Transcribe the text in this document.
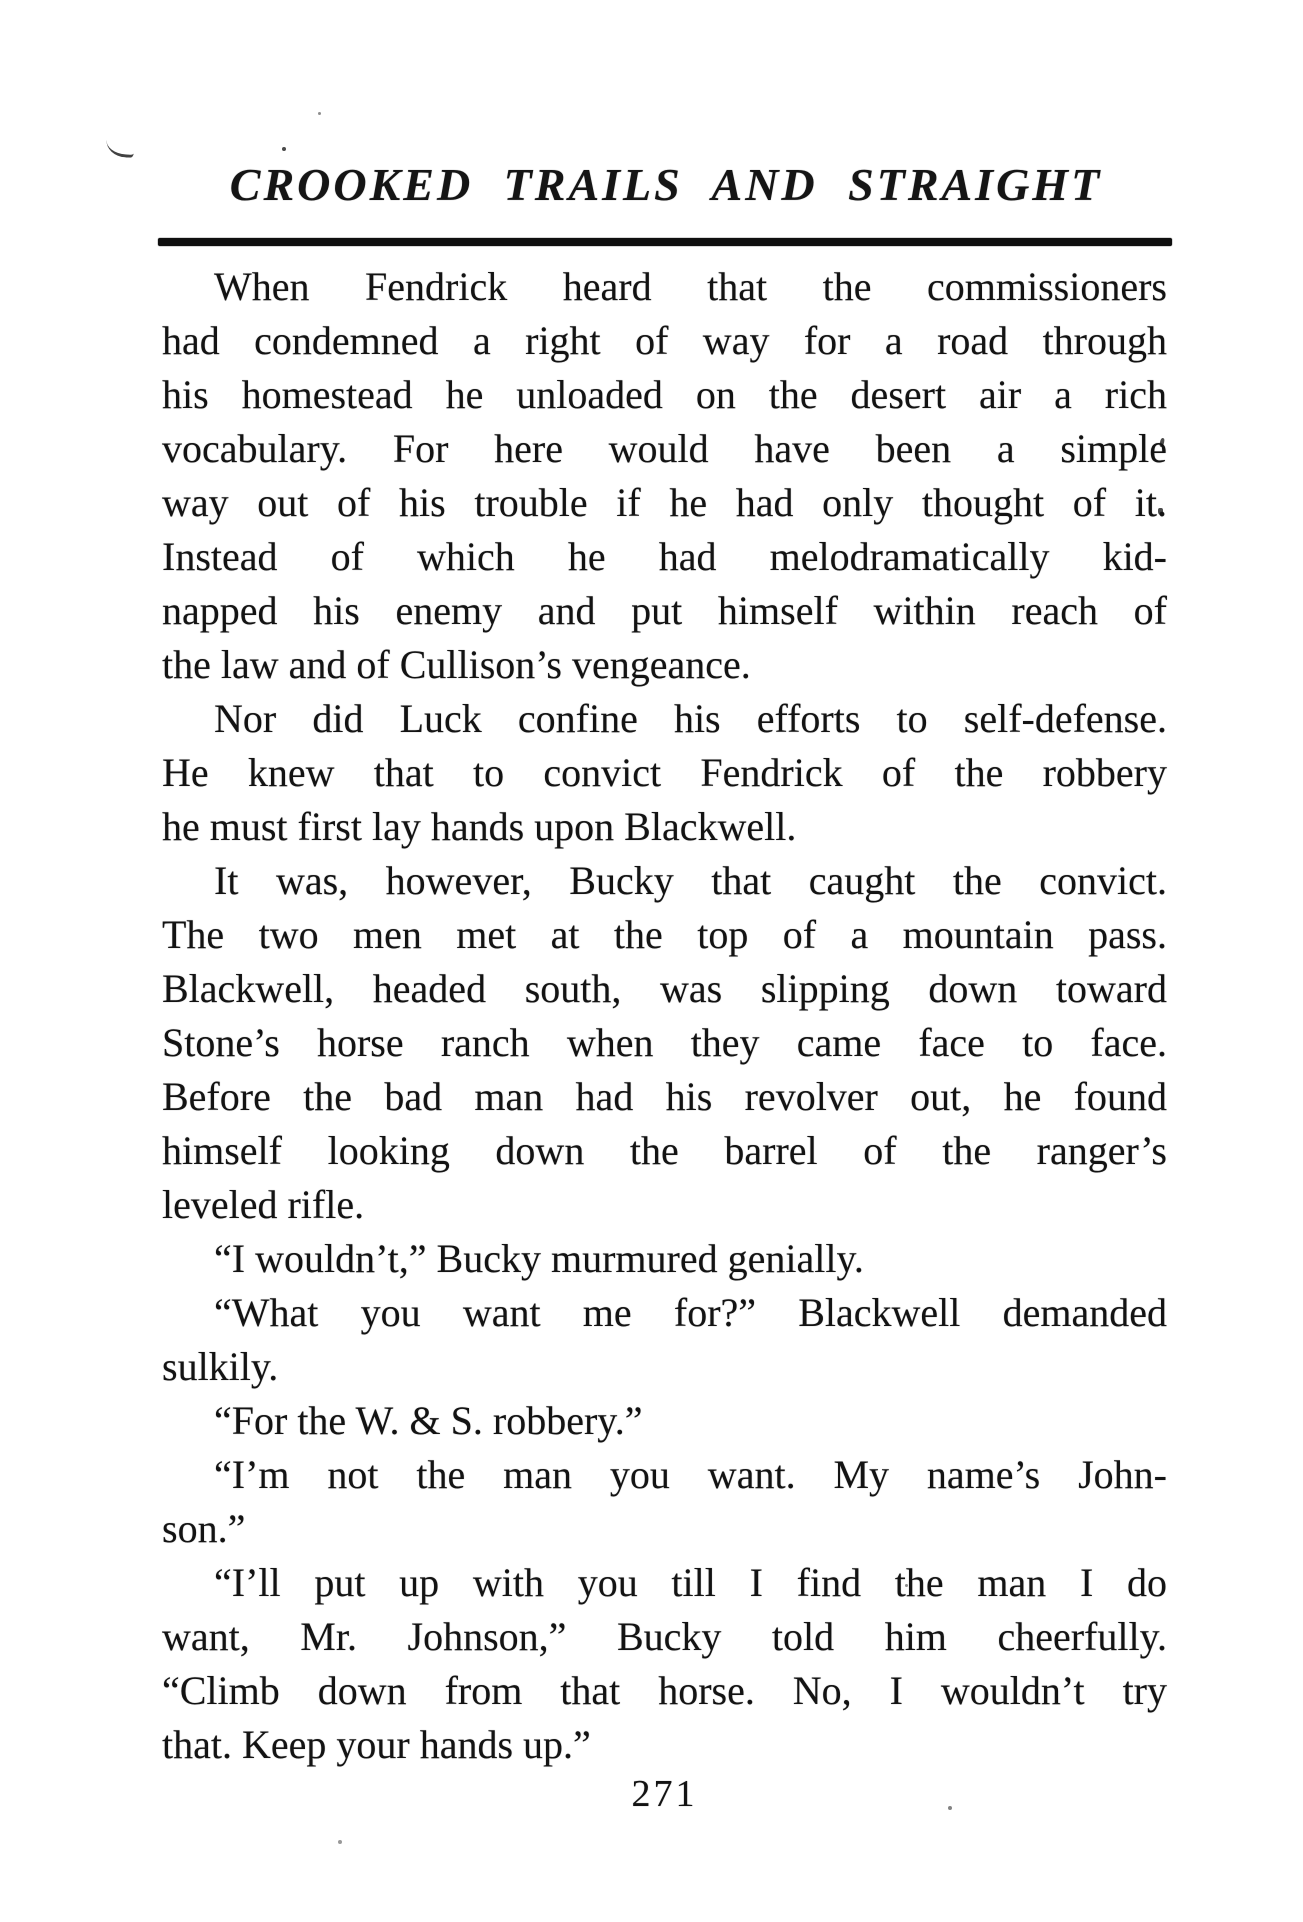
CROOKED TRAILS AND STRAIGHT
When Fendrick heard that the commissioners
had condemned a right of way for a road through
his homestead he unloaded on the desert air a rich
vocabulary. For here would have been a simple
way out of his trouble if he had only thought of it.
Instead of which he had melodramatically kid-
napped his enemy and put himself within reach of
the law and of Cullison’s vengeance.
Nor did Luck confine his efforts to self-defense.
He knew that to convict Fendrick of the robbery
he must first lay hands upon Blackwell.
It was, however, Bucky that caught the convict.
The two men met at the top of a mountain pass.
Blackwell, headed south, was slipping down toward
Stone’s horse ranch when they came face to face.
Before the bad man had his revolver out, he found
himself looking down the barrel of the ranger’s
leveled rifle.
“I wouldn’t,” Bucky murmured genially.
“What you want me for?” Blackwell demanded
sulkily.
“For the W. & S. robbery.”
“I’m not the man you want. My name’s John-
son.”
“I’ll put up with you till I find the man I do
want, Mr. Johnson,” Bucky told him cheerfully.
“Climb down from that horse. No, I wouldn’t try
that. Keep your hands up.”
271
